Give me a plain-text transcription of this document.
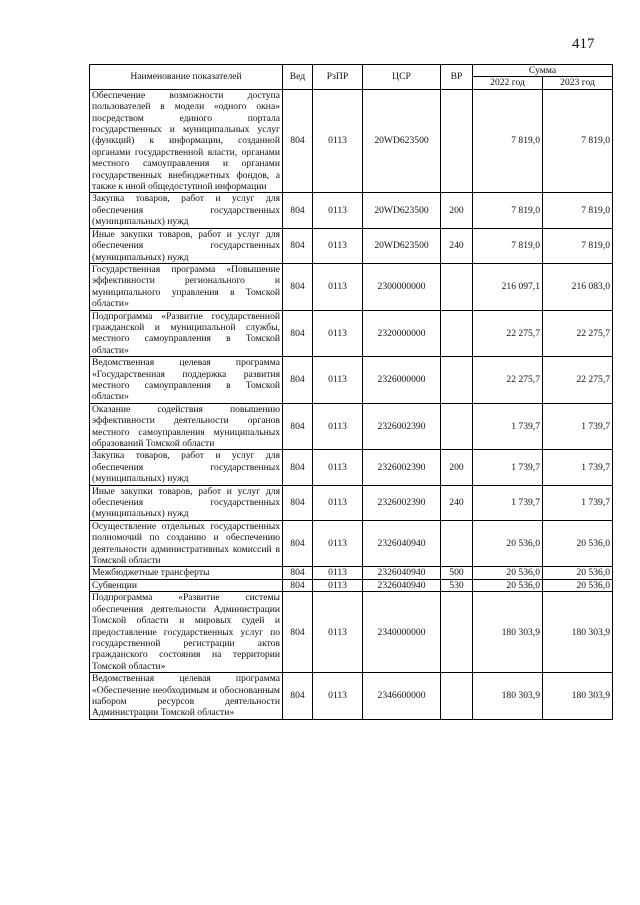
417
Наименование показателей	Вед	РзПР	ЦСР	ВР	Сумма	
					2022 год	2023 год
Обеспечение возможности доступа пользователей в модели «одного окна» посредством единого портала государственных и муниципальных услуг (функций) к информации, созданной органами государственной власти, органами местного самоуправления и органами государственных внебюджетных фондов, а также к иной общедоступной информации	804	0113	20WD623500		7 819,0	7 819,0
Закупка товаров, работ и услуг для обеспечения государственных (муниципальных) нужд	804	0113	20WD623500	200	7 819,0	7 819,0
Иные закупки товаров, работ и услуг для обеспечения государственных (муниципальных) нужд	804	0113	20WD623500	240	7 819,0	7 819,0
Государственная программа «Повышение эффективности регионального и муниципального управления в Томской области»	804	0113	2300000000		216 097,1	216 083,0
Подпрограмма «Развитие государственной гражданской и муниципальной службы, местного самоуправления в Томской области»	804	0113	2320000000		22 275,7	22 275,7
Ведомственная целевая программа «Государственная поддержка развития местного самоуправления в Томской области»	804	0113	2326000000		22 275,7	22 275,7
Оказание содействия повышению эффективности деятельности органов местного самоуправления муниципальных образований Томской области	804	0113	2326002390		1 739,7	1 739,7
Закупка товаров, работ и услуг для обеспечения государственных (муниципальных) нужд	804	0113	2326002390	200	1 739,7	1 739,7
Иные закупки товаров, работ и услуг для обеспечения государственных (муниципальных) нужд	804	0113	2326002390	240	1 739,7	1 739,7
Осуществление отдельных государственных полномочий по созданию и обеспечению деятельности административных комиссий в Томской области	804	0113	2326040940		20 536,0	20 536,0
Межбюджетные трансферты	804	0113	2326040940	500	20 536,0	20 536,0
Субвенции	804	0113	2326040940	530	20 536,0	20 536,0
Подпрограмма «Развитие системы обеспечения деятельности Администрации Томской области и мировых судей и предоставление государственных услуг по государственной регистрации актов гражданского состояния на территории Томской области»	804	0113	2340000000		180 303,9	180 303,9
Ведомственная целевая программа «Обеспечение необходимым и обоснованным набором ресурсов деятельности Администрации Томской области»	804	0113	2346600000		180 303,9	180 303,9
